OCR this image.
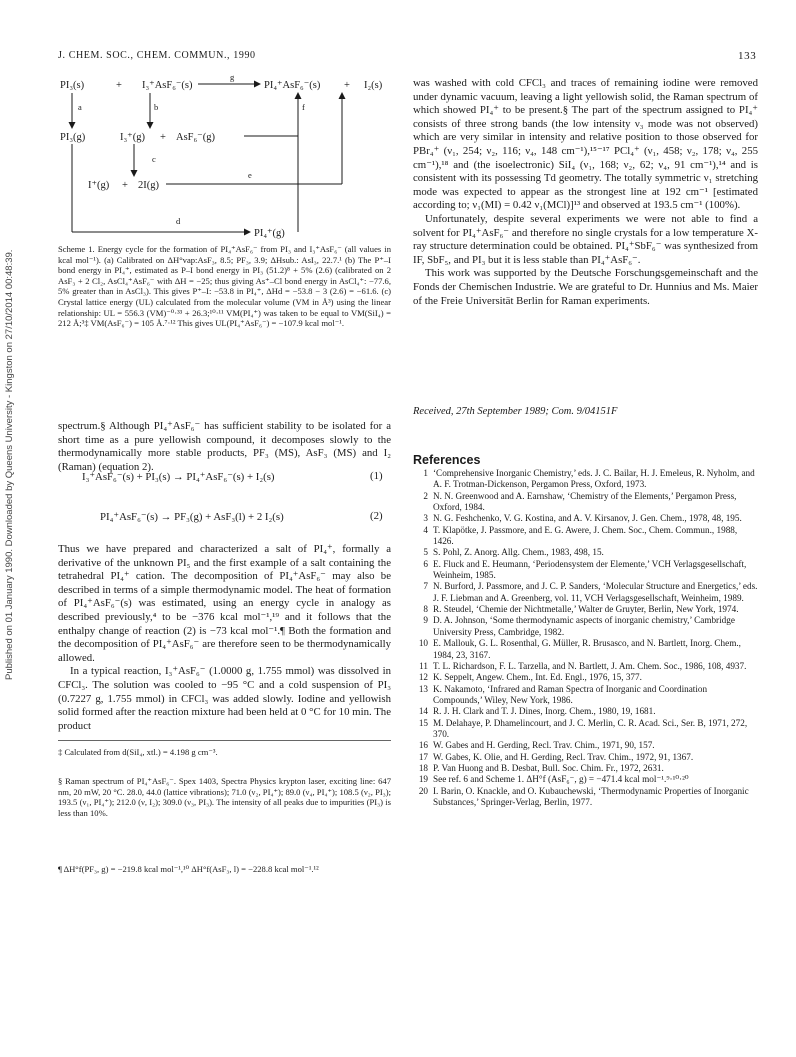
Published on 01 January 1990. Downloaded by Queens University - Kingston on 27/10/2014 00:48:39.
J. CHEM. SOC., CHEM. COMMUN., 1990	133
PI₃(s)	+ I₃⁺AsF₆⁻(s)	PI₄⁺AsF₆⁻(s) + I₂(s)
PI₃(g)	I₃⁺(g) + AsF₆⁻(g)
I⁺(g) + 2I(g)
PI₄⁺(g)
a	b
c
d
e
f
g
Scheme 1. Energy cycle for the formation of PI₄⁺AsF₆⁻ from PI₃ and I₃⁺AsF₆⁻ (all values in kcal mol⁻¹). (a) Calibrated on ΔH°vap:AsF₃, 8.5; PF₃, 3.9; ΔHsub.: AsI₃, 22.7.¹ (b) The P⁺–I bond energy in PI₄⁺, estimated as P–I bond energy in PI₃ (51.2)⁸ + 5% (2.6) (calibrated on 2 AsF₃ + 2 Cl₂, AsCl₄⁺AsF₆⁻ with ΔH = −25; thus giving As⁺–Cl bond energy in AsCl₄⁺: −77.6, 5% greater than in AsCl₃). This gives P⁺–I: −53.8 in PI₄⁺, ΔHd = −53.8 − 3 (2.6) = −61.6. (c) Crystal lattice energy (UL) calculated from the molecular volume (VM in Å³) using the linear relationship: UL = 556.3 (VM)⁻⁰·³³ + 26.3;¹⁰·¹¹ VM(PI₄⁺) was taken to be equal to VM(SiI₄) = 212 Å;³‡ VM(AsF₆⁻) = 105 Å.⁷·¹² This gives UL(PI₄⁺AsF₆⁻) = −107.9 kcal mol⁻¹.

spectrum.§ Although PI₄⁺AsF₆⁻ has sufficient stability to be isolated for a short time as a pure yellowish compound, it decomposes slowly to the thermodynamically more stable products, PF₃ (MS), AsF₃ (MS) and I₂ (Raman) (equation 2).

I₃⁺AsF₆⁻(s) + PI₃(s) → PI₄⁺AsF₆⁻(s) + I₂(s)	(1)
PI₄⁺AsF₆⁻(s) → PF₃(g) + AsF₃(l) + 2 I₂(s)	(2)

Thus we have prepared and characterized a salt of PI₄⁺, formally a derivative of the unknown PI₅ and the first example of a salt containing the tetrahedral PI₄⁺ cation. The decomposition of PI₄⁺AsF₆⁻ may also be described in terms of a simple thermodynamic model. The heat of formation of PI₄⁺AsF₆⁻(s) was estimated, using an energy cycle in analogy as described previously,⁴ to be −376 kcal mol⁻¹,¹⁹ and it follows that the enthalpy change of reaction (2) is −73 kcal mol⁻¹.¶ Both the formation and the decomposition of PI₄⁺AsF₆⁻ are therefore seen to be thermodynamically allowed.

In a typical reaction, I₃⁺AsF₆⁻ (1.0000 g, 1.755 mmol) was dissolved in CFCl₃. The solution was cooled to −95 °C and a cold suspension of PI₃ (0.7227 g, 1.755 mmol) in CFCl₃ was added slowly. Iodine and yellowish solid formed after the reaction mixture had been held at 0 °C for 10 min. The product

‡ Calculated from d(SiI₄, xtl.) = 4.198 g cm⁻³.
§ Raman spectrum of PI₄⁺AsF₆⁻. Spex 1403, Spectra Physics krypton laser, exciting line: 647 nm, 20 mW, 20 °C. 28.0, 44.0 (lattice vibrations); 71.0 (ν₂, PI₄⁺); 89.0 (ν₄, PI₄⁺); 108.5 (ν₂, PI₃); 193.5 (ν₁, PI₄⁺); 212.0 (ν, I₂); 309.0 (ν₃, PI₃). The intensity of all peaks due to impurities (PI₃) is less than 10%.
¶ ΔH°f(PF₃, g) = −219.8 kcal mol⁻¹,¹⁰ ΔH°f(AsF₃, l) = −228.8 kcal mol⁻¹.¹²

was washed with cold CFCl₃ and traces of remaining iodine were removed under dynamic vacuum, leaving a light yellowish solid, the Raman spectrum of which showed PI₄⁺ to be present.§ The part of the spectrum assigned to PI₄⁺ consists of three strong bands (the low intensity ν₃ mode was not observed) which are very similar in intensity and relative position to those observed for PBr₄⁺ (ν₁, 254; ν₂, 116; ν₄, 148 cm⁻¹),¹⁵⁻¹⁷ PCl₄⁺ (ν₁, 458; ν₂, 178; ν₄, 255 cm⁻¹),¹⁸ and (the isoelectronic) SiI₄ (ν₁, 168; ν₂, 62; ν₄, 91 cm⁻¹),¹⁴ and is consistent with its possessing Td geometry. The totally symmetric ν₁ stretching mode was expected to appear as the strongest line at 192 cm⁻¹ [estimated according to; ν₁(MI) = 0.42 ν₁(MCl)]¹³ and observed at 193.5 cm⁻¹ (100%).

Unfortunately, despite several experiments we were not able to find a solvent for PI₄⁺AsF₆⁻ and therefore no single crystals for a low temperature X-ray structure determination could be obtained. PI₄⁺SbF₆⁻ was synthesized from IF, SbF₅, and PI₃ but it is less stable than PI₄⁺AsF₆⁻.

This work was supported by the Deutsche Forschungsgemeinschaft and the Fonds der Chemischen Industrie. We are grateful to Dr. Hunnius and Ms. Maier of the Freie Universität Berlin for Raman experiments.

Received, 27th September 1989; Com. 9/04151F
References
1 ‘Comprehensive Inorganic Chemistry,’ eds. J. C. Bailar, H. J. Emeleus, R. Nyholm, and A. F. Trotman-Dickenson, Pergamon Press, Oxford, 1973.
2 N. N. Greenwood and A. Earnshaw, ‘Chemistry of the Elements,’ Pergamon Press, Oxford, 1984.
3 N. G. Feshchenko, V. G. Kostina, and A. V. Kirsanov, J. Gen. Chem., 1978, 48, 195.
4 T. Klapötke, J. Passmore, and E. G. Awere, J. Chem. Soc., Chem. Commun., 1988, 1426.
5 S. Pohl, Z. Anorg. Allg. Chem., 1983, 498, 15.
6 E. Fluck and E. Heumann, ‘Periodensystem der Elemente,’ VCH Verlagsgesellschaft, Weinheim, 1985.
7 N. Burford, J. Passmore, and J. C. P. Sanders, ‘Molecular Structure and Energetics,’ eds. J. F. Liebman and A. Greenberg, vol. 11, VCH Verlagsgesellschaft, Weinheim, 1989.
8 R. Steudel, ‘Chemie der Nichtmetalle,’ Walter de Gruyter, Berlin, New York, 1974.
9 D. A. Johnson, ‘Some thermodynamic aspects of inorganic chemistry,’ Cambridge University Press, Cambridge, 1982.
10 E. Mallouk, G. L. Rosenthal, G. Müller, R. Brusasco, and N. Bartlett, Inorg. Chem., 1984, 23, 3167.
11 T. L. Richardson, F. L. Tarzella, and N. Bartlett, J. Am. Chem. Soc., 1986, 108, 4937.
12 K. Seppelt, Angew. Chem., Int. Ed. Engl., 1976, 15, 377.
13 K. Nakamoto, ‘Infrared and Raman Spectra of Inorganic and Coordination Compounds,’ Wiley, New York, 1986.
14 R. J. H. Clark and T. J. Dines, Inorg. Chem., 1980, 19, 1681.
15 M. Delahaye, P. Dhamelincourt, and J. C. Merlin, C. R. Acad. Sci., Ser. B, 1971, 272, 370.
16 W. Gabes and H. Gerding, Recl. Trav. Chim., 1971, 90, 157.
17 W. Gabes, K. Olie, and H. Gerding, Recl. Trav. Chim., 1972, 91, 1367.
18 P. Van Huong and B. Desbat, Bull. Soc. Chim. Fr., 1972, 2631.
19 See ref. 6 and Scheme 1. ΔH°f (AsF₆⁻, g) = −471.4 kcal mol⁻¹.⁹·¹⁰·²⁰
20 I. Barin, O. Knackle, and O. Kubauchewski, ‘Thermodynamic Properties of Inorganic Substances,’ Springer-Verlag, Berlin, 1977.
